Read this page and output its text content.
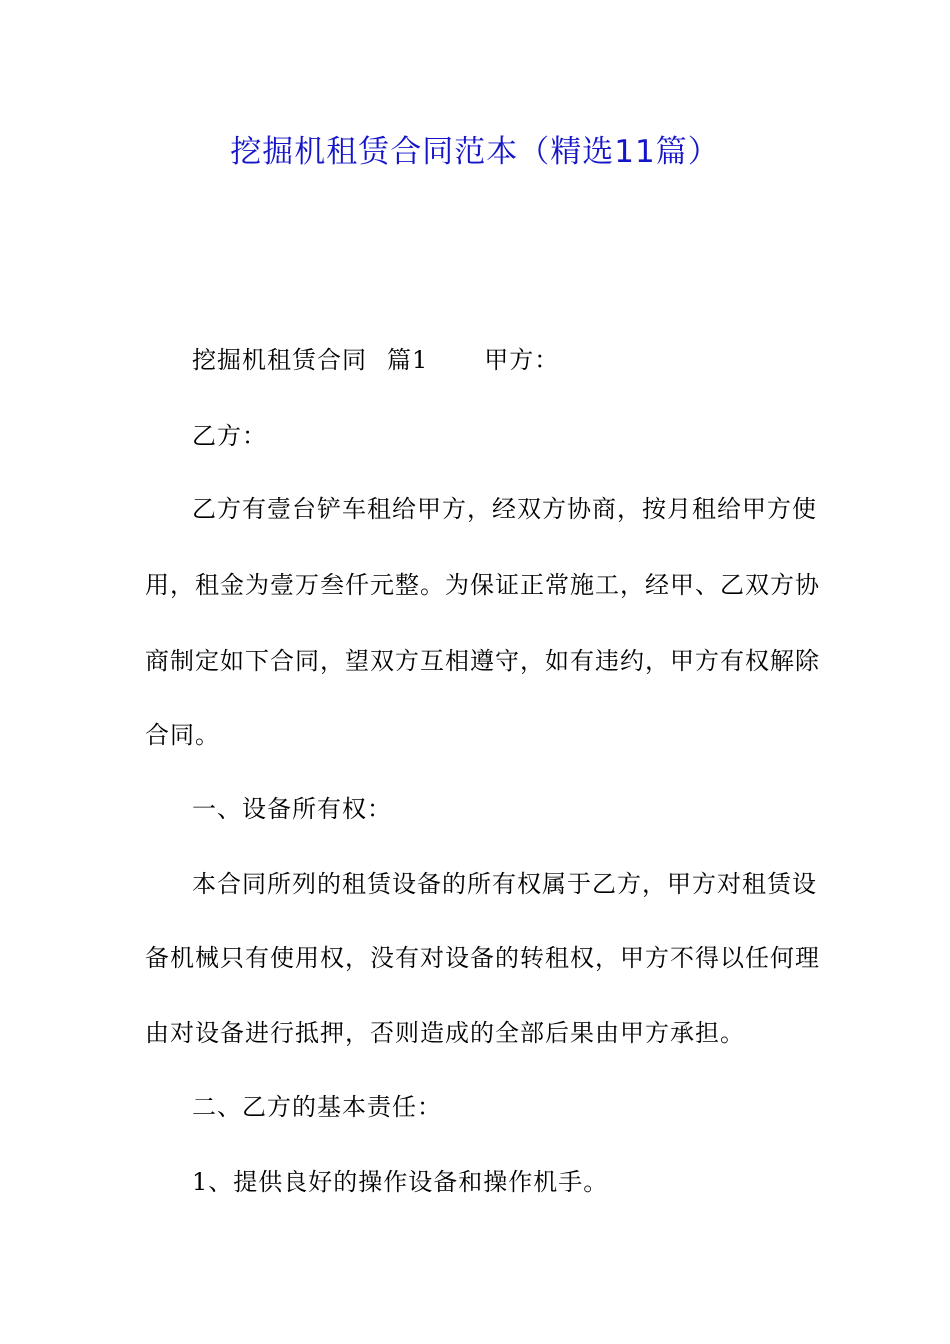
挖掘机租赁合同范本（精选11篇）
挖掘机租赁合同 篇1 甲方：
乙方：
乙方有壹台铲车租给甲方，经双方协商，按月租给甲方使
用，租金为壹万叁仟元整。为保证正常施工，经甲、乙双方协
商制定如下合同，望双方互相遵守，如有违约，甲方有权解除
合同。
一、设备所有权：
本合同所列的租赁设备的所有权属于乙方，甲方对租赁设
备机械只有使用权，没有对设备的转租权，甲方不得以任何理
由对设备进行抵押，否则造成的全部后果由甲方承担。
二、乙方的基本责任：
1、提供良好的操作设备和操作机手。
